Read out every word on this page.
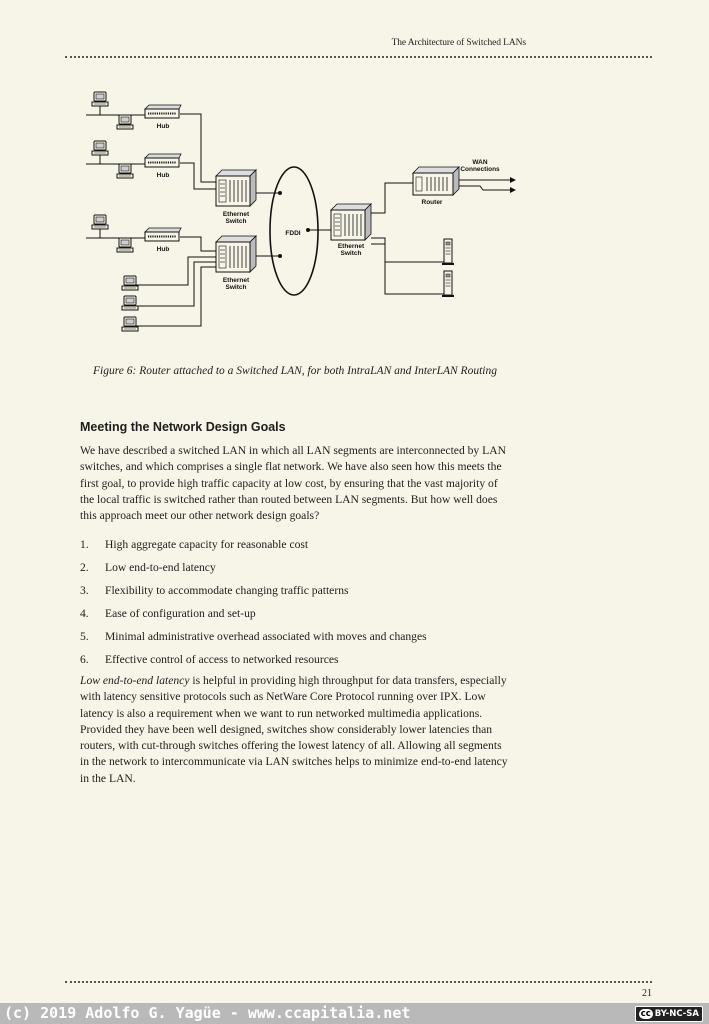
The Architecture of Switched LANs
Hub
Hub
Hub
Ethernet
Switch
Ethernet
Switch
Ethernet
Switch
FDDI
Router
WAN
Connections
Figure 6: Router attached to a Switched LAN, for both IntraLAN and InterLAN Routing
Meeting the Network Design Goals
We have described a switched LAN in which all LAN segments are interconnected by LAN switches, and which comprises a single flat network. We have also seen how this meets the first goal, to provide high traffic capacity at low cost, by ensuring that the vast majority of the local traffic is switched rather than routed between LAN segments. But how well does this approach meet our other network design goals?
1.	High aggregate capacity for reasonable cost
2.	Low end-to-end latency
3.	Flexibility to accommodate changing traffic patterns
4.	Ease of configuration and set-up
5.	Minimal administrative overhead associated with moves and changes
6.	Effective control of access to networked resources
Low end-to-end latency is helpful in providing high throughput for data transfers, especially with latency sensitive protocols such as NetWare Core Protocol running over IPX. Low latency is also a requirement when we want to run networked multimedia applications. Provided they have been well designed, switches show considerably lower latencies than routers, with cut-through switches offering the lowest latency of all. Allowing all segments in the network to intercommunicate via LAN switches helps to minimize end-to-end latency in the LAN.
21
(c) 2019 Adolfo G. Yagüe - www.ccapitalia.net	cc BY-NC-SA
